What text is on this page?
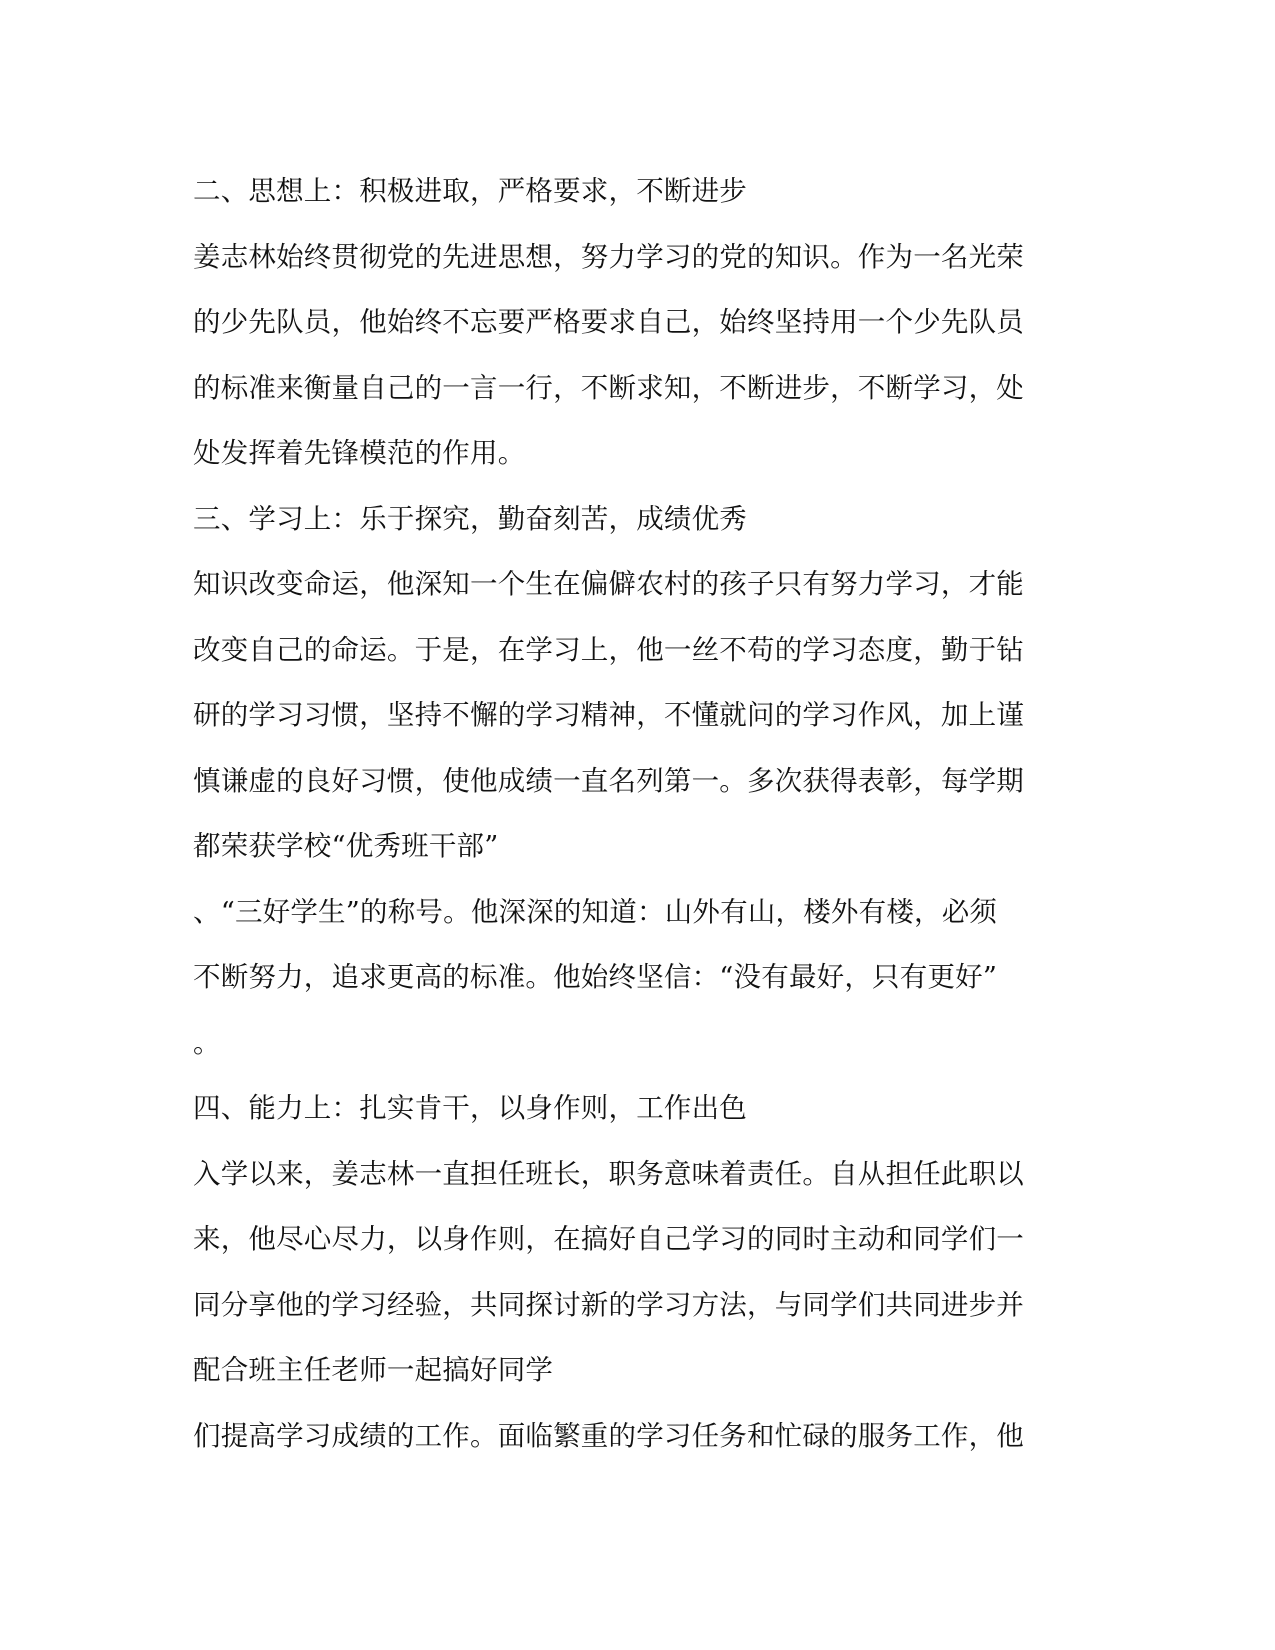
二、思想上：积极进取，严格要求，不断进步
姜志林始终贯彻党的先进思想，努力学习的党的知识。作为一名光荣
的少先队员，他始终不忘要严格要求自己，始终坚持用一个少先队员
的标准来衡量自己的一言一行，不断求知，不断进步，不断学习，处
处发挥着先锋模范的作用。
三、学习上：乐于探究，勤奋刻苦，成绩优秀
知识改变命运，他深知一个生在偏僻农村的孩子只有努力学习，才能
改变自己的命运。于是，在学习上，他一丝不苟的学习态度，勤于钻
研的学习习惯，坚持不懈的学习精神，不懂就问的学习作风，加上谨
慎谦虚的良好习惯，使他成绩一直名列第一。多次获得表彰，每学期
都荣获学校“优秀班干部”
、“三好学生”的称号。他深深的知道：山外有山，楼外有楼，必须
不断努力，追求更高的标准。他始终坚信：“没有最好，只有更好”
。
四、能力上：扎实肯干，以身作则，工作出色
入学以来，姜志林一直担任班长，职务意味着责任。自从担任此职以
来，他尽心尽力，以身作则，在搞好自己学习的同时主动和同学们一
同分享他的学习经验，共同探讨新的学习方法，与同学们共同进步并
配合班主任老师一起搞好同学
们提高学习成绩的工作。面临繁重的学习任务和忙碌的服务工作，他
